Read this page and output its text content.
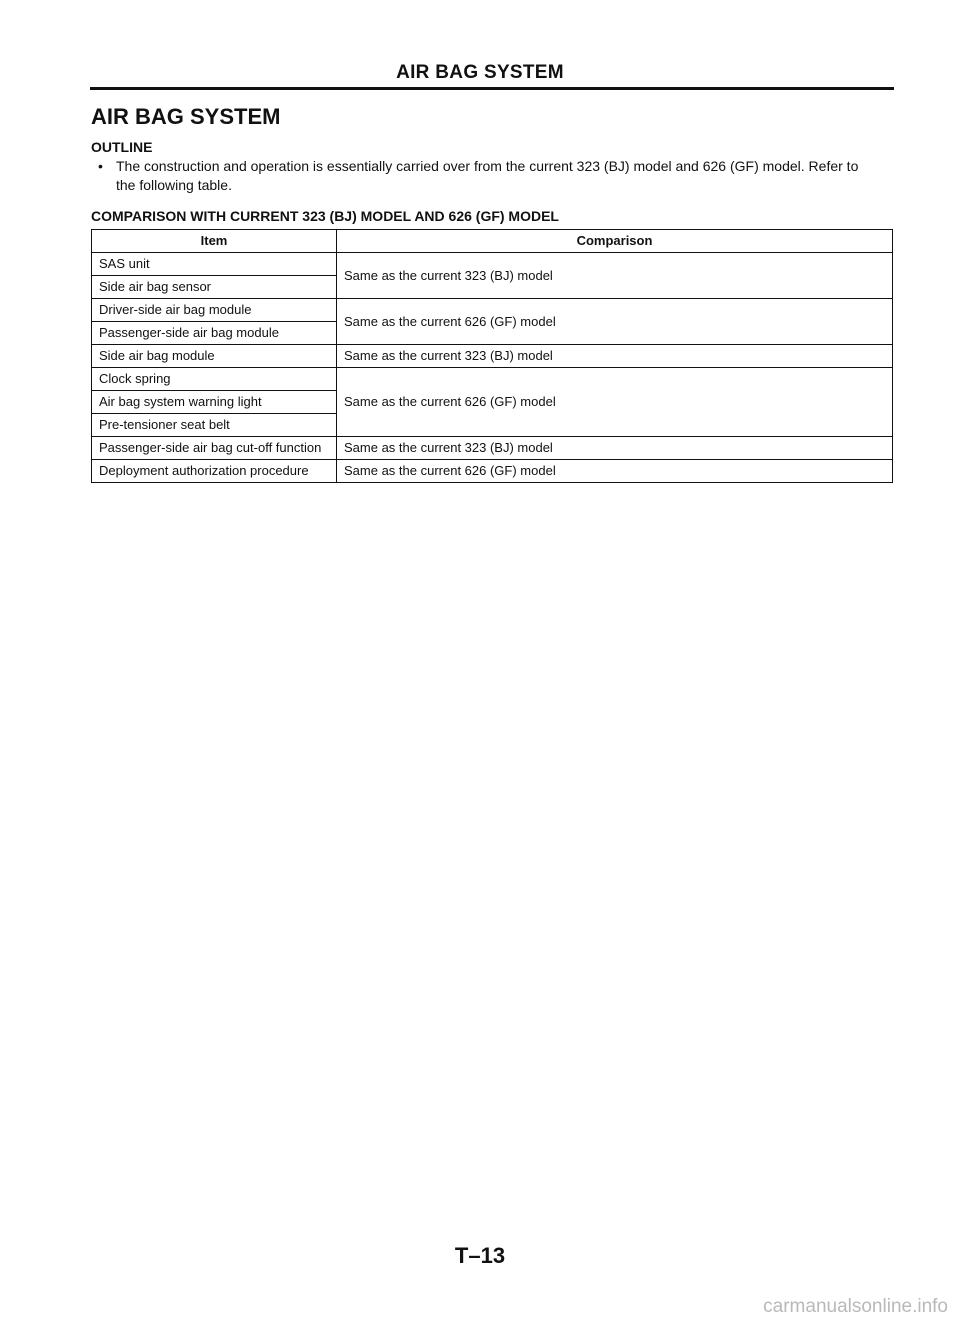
AIR BAG SYSTEM
AIR BAG SYSTEM
OUTLINE
• The construction and operation is essentially carried over from the current 323 (BJ) model and 626 (GF) model. Refer to the following table.
COMPARISON WITH CURRENT 323 (BJ) MODEL AND 626 (GF) MODEL
Item	Comparison
SAS unit	Same as the current 323 (BJ) model
Side air bag sensor	
Driver-side air bag module	Same as the current 626 (GF) model
Passenger-side air bag module	
Side air bag module	Same as the current 323 (BJ) model
Clock spring	Same as the current 626 (GF) model
Air bag system warning light	
Pre-tensioner seat belt	
Passenger-side air bag cut-off function	Same as the current 323 (BJ) model
Deployment authorization procedure	Same as the current 626 (GF) model
T–13
carmanualsonline.info
